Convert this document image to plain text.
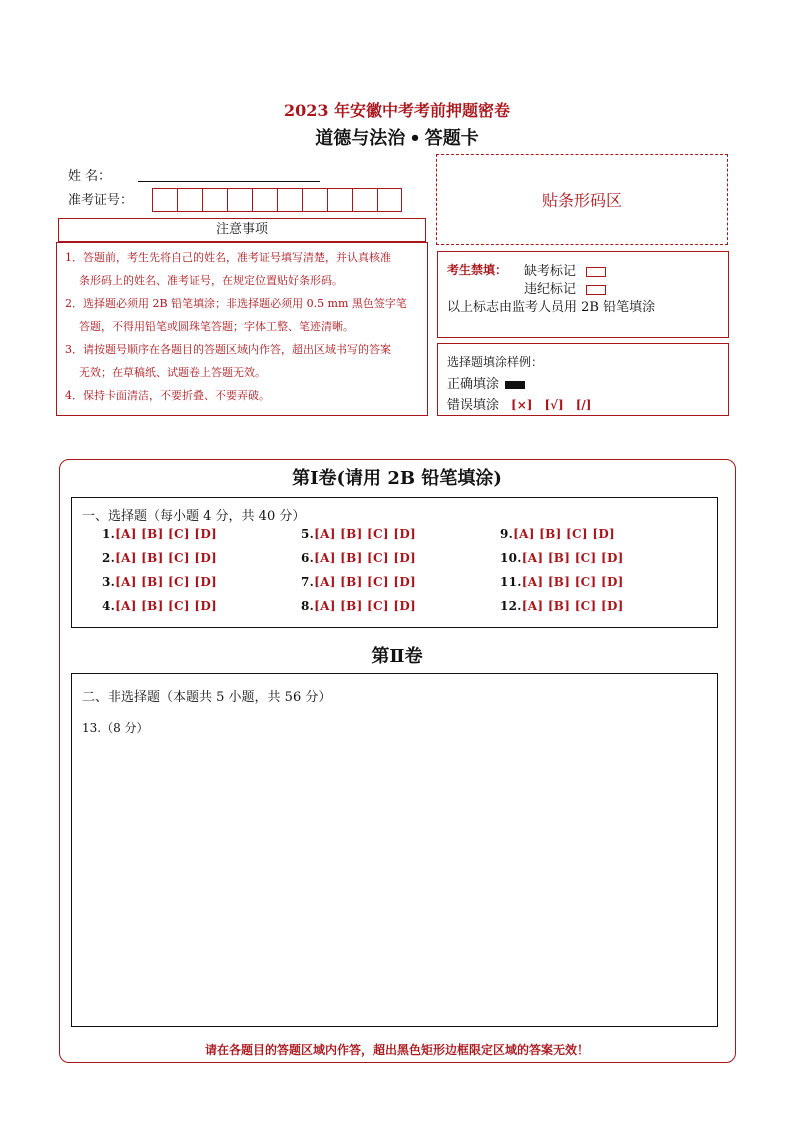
2023 年安徽中考考前押题密卷
道德与法治 • 答题卡
姓 名：
准考证号：	贴条形码区
注意事项
1．答题前，考生先将自己的姓名，准考证号填写清楚，并认真核准
条形码上的姓名、准考证号，在规定位置贴好条形码。
2．选择题必须用 2B 铅笔填涂；非选择题必须用 0.5 mm 黑色签字笔
答题，不得用铅笔或圆珠笔答题；字体工整、笔迹清晰。
3．请按题号顺序在各题目的答题区域内作答，超出区域书写的答案
无效；在草稿纸、试题卷上答题无效。
4．保持卡面清洁，不要折叠、不要弄破。
考生禁填： 缺考标记
违纪标记
以上标志由监考人员用 2B 铅笔填涂
选择题填涂样例：
正确填涂
错误填涂 [×] [√] [/]
第Ⅰ卷(请用 2B 铅笔填涂)
一、选择题（每小题 4 分，共 40 分）
1.[A] [B] [C] [D]
2.[A] [B] [C] [D]
3.[A] [B] [C] [D]
4.[A] [B] [C] [D]
5.[A] [B] [C] [D]
6.[A] [B] [C] [D]
7.[A] [B] [C] [D]
8.[A] [B] [C] [D]
9.[A] [B] [C] [D]
10.[A] [B] [C] [D]
11.[A] [B] [C] [D]
12.[A] [B] [C] [D]
第Ⅱ卷
二、非选择题（本题共 5 小题，共 56 分）
13.（8 分）
请在各题目的答题区域内作答，超出黑色矩形边框限定区域的答案无效！
